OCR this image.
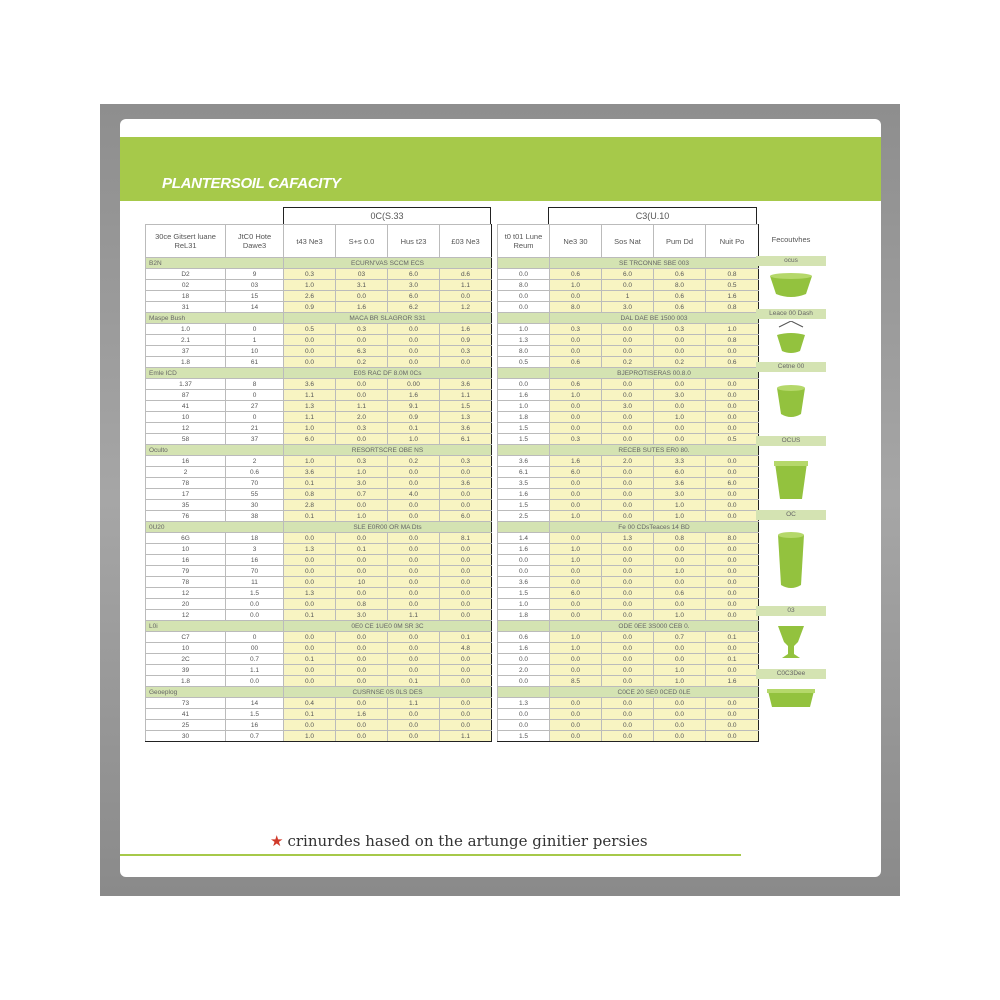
PLANTERSOIL CAFACITY
0C(S.33	C3(U.10
30ce Gitsert luane ReL31	JtC0 Hote Dawe3	t43 Ne3	S+s 0.0	Hus t23	£03 Ne3		t0 t01 Lune Reum	Ne3 30	Sos Nat	Pum Dd	Nuit Po
B2N		ECURN'VAS SCCM ECS						SE TRCONNE SBE 003			
D2	9	0.3	03	6.0	d.6		0.0	0.6	6.0	0.6	0.8
02	03	1.0	3.1	3.0	1.1		8.0	1.0	0.0	8.0	0.5
18	15	2.6	0.0	6.0	0.0		0.0	0.0	1	0.6	1.6
31	14	0.9	1.6	6.2	1.2		0.0	8.0	3.0	0.6	0.8
Maspe Bush		MACA BR SLAGROR S31						DAL DAE BE 1500 003			
1.0	0	0.5	0.3	0.0	1.6		1.0	0.3	0.0	0.3	1.0
2.1	1	0.0	0.0	0.0	0.9		1.3	0.0	0.0	0.0	0.8
37	10	0.0	6.3	0.0	0.3		8.0	0.0	0.0	0.0	0.0
1.8	61	0.0	0.2	0.0	0.0		0.5	0.6	0.2	0.2	0.6
Emle ICD		E0S RAC DF 8.0M 0Cs						BJEPROTISERAS 00.8.0			
1.37	8	3.6	0.0	0.00	3.6		0.0	0.6	0.0	0.0	0.0
87	0	1.1	0.0	1.6	1.1		1.6	1.0	0.0	3.0	0.0
41	27	1.3	1.1	9.1	1.5		1.0	0.0	3.0	0.0	0.0
10	0	1.1	2.0	0.9	1.3		1.8	0.0	0.0	1.0	0.0
12	21	1.0	0.3	0.1	3.6		1.5	0.0	0.0	0.0	0.0
58	37	6.0	0.0	1.0	6.1		1.5	0.3	0.0	0.0	0.5
Oculto		RESORTSCRE OBE NS						RECEB SUTES ER0 80.			
16	2	1.0	0.3	0.2	0.3		3.6	1.6	2.0	3.3	0.0
2	0.6	3.6	1.0	0.0	0.0		6.1	6.0	0.0	6.0	0.0
78	70	0.1	3.0	0.0	3.6		3.5	0.0	0.0	3.6	6.0
17	55	0.8	0.7	4.0	0.0		1.6	0.0	0.0	3.0	0.0
35	30	2.8	0.0	0.0	0.0		1.5	0.0	0.0	1.0	0.0
76	38	0.1	1.0	0.0	6.0		2.5	1.0	0.0	1.0	0.0
0U20		SLE E0R00 OR MA Dts						Fe 00 CDsTeaces 14 BD			
6G	18	0.0	0.0	0.0	8.1		1.4	0.0	1.3	0.8	8.0
10	3	1.3	0.1	0.0	0.0		1.6	1.0	0.0	0.0	0.0
16	16	0.0	0.0	0.0	0.0		0.0	1.0	0.0	0.0	0.0
79	70	0.0	0.0	0.0	0.0		0.0	0.0	0.0	1.0	0.0
78	11	0.0	10	0.0	0.0		3.6	0.0	0.0	0.0	0.0
12	1.5	1.3	0.0	0.0	0.0		1.5	6.0	0.0	0.6	0.0
20	0.0	0.0	0.8	0.0	0.0		1.0	0.0	0.0	0.0	0.0
12	0.0	0.1	3.0	1.1	0.0		1.8	0.0	0.0	1.0	0.0
L0i		0E0 CE 1UE0 0M SR 3C						ODE 0EE 3S000 CEB 0.			
C7	0	0.0	0.0	0.0	0.1		0.6	1.0	0.0	0.7	0.1
10	00	0.0	0.0	0.0	4.8		1.6	1.0	0.0	0.0	0.0
2C	0.7	0.1	0.0	0.0	0.0		0.0	0.0	0.0	0.0	0.1
39	1.1	0.0	0.0	0.0	0.0		2.0	0.0	0.0	1.0	0.0
1.8	0.0	0.0	0.0	0.1	0.0		0.0	8.5	0.0	1.0	1.6
Geoeplog		CUSRNSE 0S 0LS DES						C0CE 20 SE0 0CED 0LE			
73	14	0.4	0.0	1.1	0.0		1.3	0.0	0.0	0.0	0.0
41	1.5	0.1	1.6	0.0	0.0		0.0	0.0	0.0	0.0	0.0
25	16	0.0	0.0	0.0	0.0		0.0	0.0	0.0	0.0	0.0
30	0.7	1.0	0.0	0.0	1.1		1.5	0.0	0.0	0.0	0.0
Fecoutvhes
ocus
Leace 00 Dash
Cetne 00
OCUS
OC
03
C0C3Dee
★ crinurdes hased on the artunge ginitier persies
